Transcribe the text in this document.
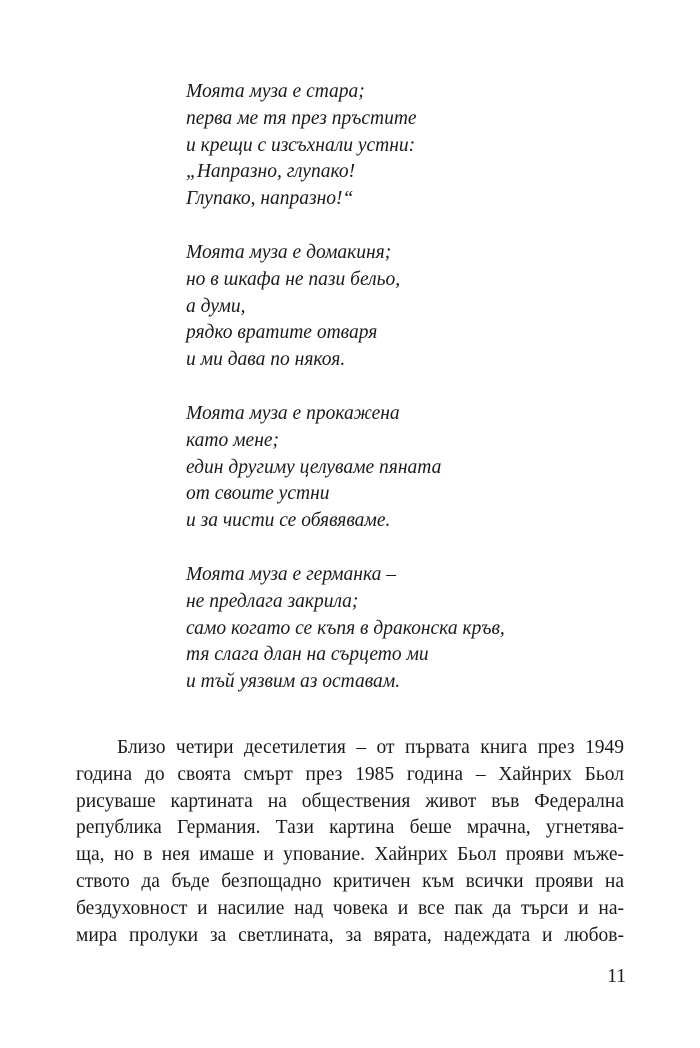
Моята муза е стара;
перва ме тя през пръстите
и крещи с изсъхнали устни:
„Напразно, глупако!
Глупако, напразно!“
Моята муза е домакиня;
но в шкафа не пази бельо,
а думи,
рядко вратите отваря
и ми дава по някоя.
Моята муза е прокажена
като мене;
един другиму целуваме пяната
от своите устни
и за чисти се обявяваме.
Моята муза е германка –
не предлага закрила;
само когато се къпя в драконска кръв,
тя слага длан на сърцето ми
и тъй уязвим аз оставам.
Близо четири десетилетия – от първата книга през 1949
година до своята смърт през 1985 година – Хайнрих Бьол
рисуваше картината на обществения живот във Федерална
република Германия. Тази картина беше мрачна, угнетява-
ща, но в нея имаше и упование. Хайнрих Бьол прояви мъже-
ството да бъде безпощадно критичен към всички прояви на
бездуховност и насилие над човека и все пак да търси и на-
мира пролуки за светлината, за вярата, надеждата и любов-
11
